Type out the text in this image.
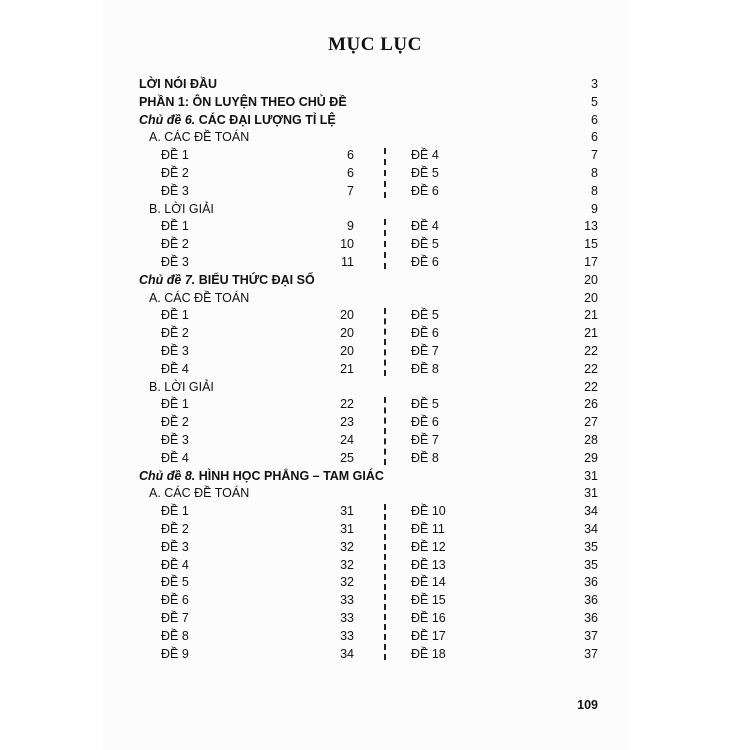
MỤC LỤC
LỜI NÓI ĐẦU	3
PHẦN 1: ÔN LUYỆN THEO CHỦ ĐỀ	5
Chủ đề 6. CÁC ĐẠI LƯỢNG TỈ LỆ	6
A. CÁC ĐỀ TOÁN	6
ĐỀ 1	6	ĐỀ 4	7
ĐỀ 2	6	ĐỀ 5	8
ĐỀ 3	7	ĐỀ 6	8
B. LỜI GIẢI	9
ĐỀ 1	9	ĐỀ 4	13
ĐỀ 2	10	ĐỀ 5	15
ĐỀ 3	11	ĐỀ 6	17
Chủ đề 7. BIỂU THỨC ĐẠI SỐ	20
A. CÁC ĐỀ TOÁN	20
ĐỀ 1	20	ĐỀ 5	21
ĐỀ 2	20	ĐỀ 6	21
ĐỀ 3	20	ĐỀ 7	22
ĐỀ 4	21	ĐỀ 8	22
B. LỜI GIẢI	22
ĐỀ 1	22	ĐỀ 5	26
ĐỀ 2	23	ĐỀ 6	27
ĐỀ 3	24	ĐỀ 7	28
ĐỀ 4	25	ĐỀ 8	29
Chủ đề 8. HÌNH HỌC PHẲNG – TAM GIÁC	31
A. CÁC ĐỀ TOÁN	31
ĐỀ 1	31	ĐỀ 10	34
ĐỀ 2	31	ĐỀ 11	34
ĐỀ 3	32	ĐỀ 12	35
ĐỀ 4	32	ĐỀ 13	35
ĐỀ 5	32	ĐỀ 14	36
ĐỀ 6	33	ĐỀ 15	36
ĐỀ 7	33	ĐỀ 16	36
ĐỀ 8	33	ĐỀ 17	37
ĐỀ 9	34	ĐỀ 18	37
109
